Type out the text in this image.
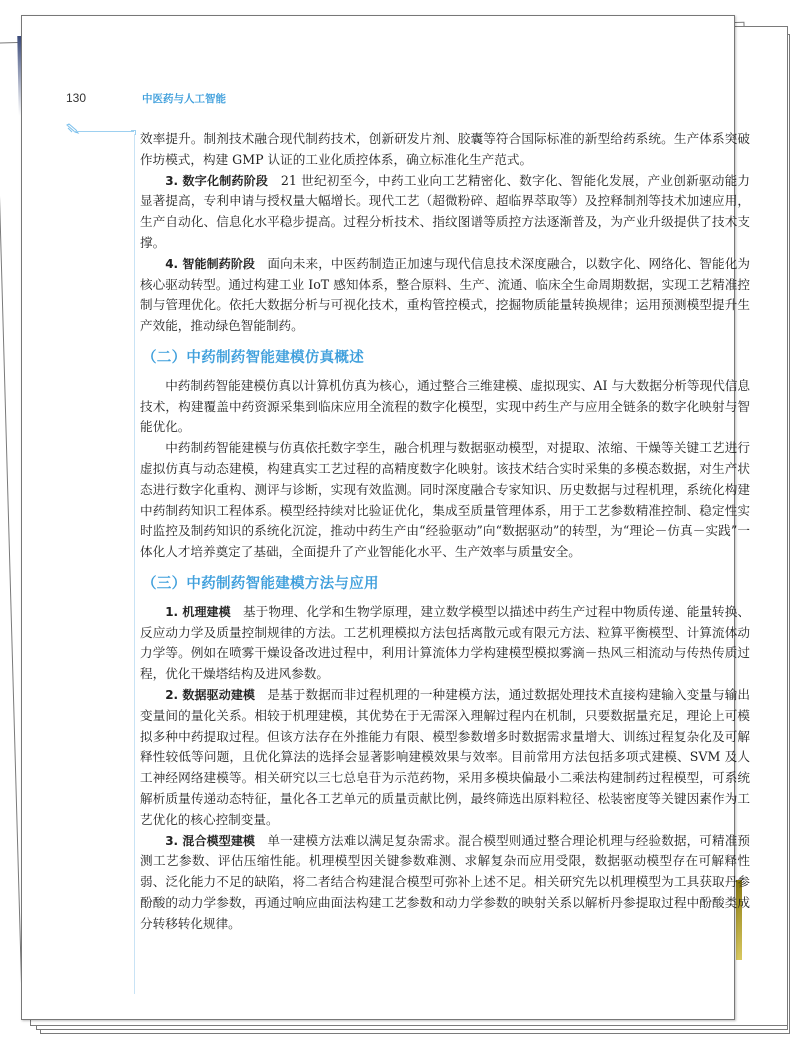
130	中医药与人工智能

效率提升。制剂技术融合现代制药技术，创新研发片剂、胶囊等符合国际标准的新型给药系统。生产体系突破作坊模式，构建 GMP 认证的工业化质控体系，确立标准化生产范式。

3. 数字化制药阶段 21 世纪初至今，中药工业向工艺精密化、数字化、智能化发展，产业创新驱动能力显著提高，专利申请与授权量大幅增长。现代工艺（超微粉碎、超临界萃取等）及控释制剂等技术加速应用，生产自动化、信息化水平稳步提高。过程分析技术、指纹图谱等质控方法逐渐普及，为产业升级提供了技术支撑。

4. 智能制药阶段 面向未来，中医药制造正加速与现代信息技术深度融合，以数字化、网络化、智能化为核心驱动转型。通过构建工业 IoT 感知体系，整合原料、生产、流通、临床全生命周期数据，实现工艺精准控制与管理优化。依托大数据分析与可视化技术，重构管控模式，挖掘物质能量转换规律；运用预测模型提升生产效能，推动绿色智能制药。

（二）中药制药智能建模仿真概述

中药制药智能建模仿真以计算机仿真为核心，通过整合三维建模、虚拟现实、AI 与大数据分析等现代信息技术，构建覆盖中药资源采集到临床应用全流程的数字化模型，实现中药生产与应用全链条的数字化映射与智能优化。

中药制药智能建模与仿真依托数字孪生，融合机理与数据驱动模型，对提取、浓缩、干燥等关键工艺进行虚拟仿真与动态建模，构建真实工艺过程的高精度数字化映射。该技术结合实时采集的多模态数据，对生产状态进行数字化重构、测评与诊断，实现有效监测。同时深度融合专家知识、历史数据与过程机理，系统化构建中药制药知识工程体系。模型经持续对比验证优化，集成至质量管理体系，用于工艺参数精准控制、稳定性实时监控及制药知识的系统化沉淀，推动中药生产由“经验驱动”向“数据驱动”的转型，为“理论－仿真－实践”一体化人才培养奠定了基础，全面提升了产业智能化水平、生产效率与质量安全。

（三）中药制药智能建模方法与应用

1. 机理建模 基于物理、化学和生物学原理，建立数学模型以描述中药生产过程中物质传递、能量转换、反应动力学及质量控制规律的方法。工艺机理模拟方法包括离散元或有限元方法、粒算平衡模型、计算流体动力学等。例如在喷雾干燥设备改进过程中，利用计算流体力学构建模型模拟雾滴－热风三相流动与传热传质过程，优化干燥塔结构及进风参数。

2. 数据驱动建模 是基于数据而非过程机理的一种建模方法，通过数据处理技术直接构建输入变量与输出变量间的量化关系。相较于机理建模，其优势在于无需深入理解过程内在机制，只要数据量充足，理论上可模拟多种中药提取过程。但该方法存在外推能力有限、模型参数增多时数据需求量增大、训练过程复杂化及可解释性较低等问题，且优化算法的选择会显著影响建模效果与效率。目前常用方法包括多项式建模、SVM 及人工神经网络建模等。相关研究以三七总皂苷为示范药物，采用多模块偏最小二乘法构建制药过程模型，可系统解析质量传递动态特征，量化各工艺单元的质量贡献比例，最终筛选出原料粒径、松装密度等关键因素作为工艺优化的核心控制变量。

3. 混合模型建模 单一建模方法难以满足复杂需求。混合模型则通过整合理论机理与经验数据，可精准预测工艺参数、评估压缩性能。机理模型因关键参数难测、求解复杂而应用受限，数据驱动模型存在可解释性弱、泛化能力不足的缺陷，将二者结合构建混合模型可弥补上述不足。相关研究先以机理模型为工具获取丹参酚酸的动力学参数，再通过响应曲面法构建工艺参数和动力学参数的映射关系以解析丹参提取过程中酚酸类成分转移转化规律。
